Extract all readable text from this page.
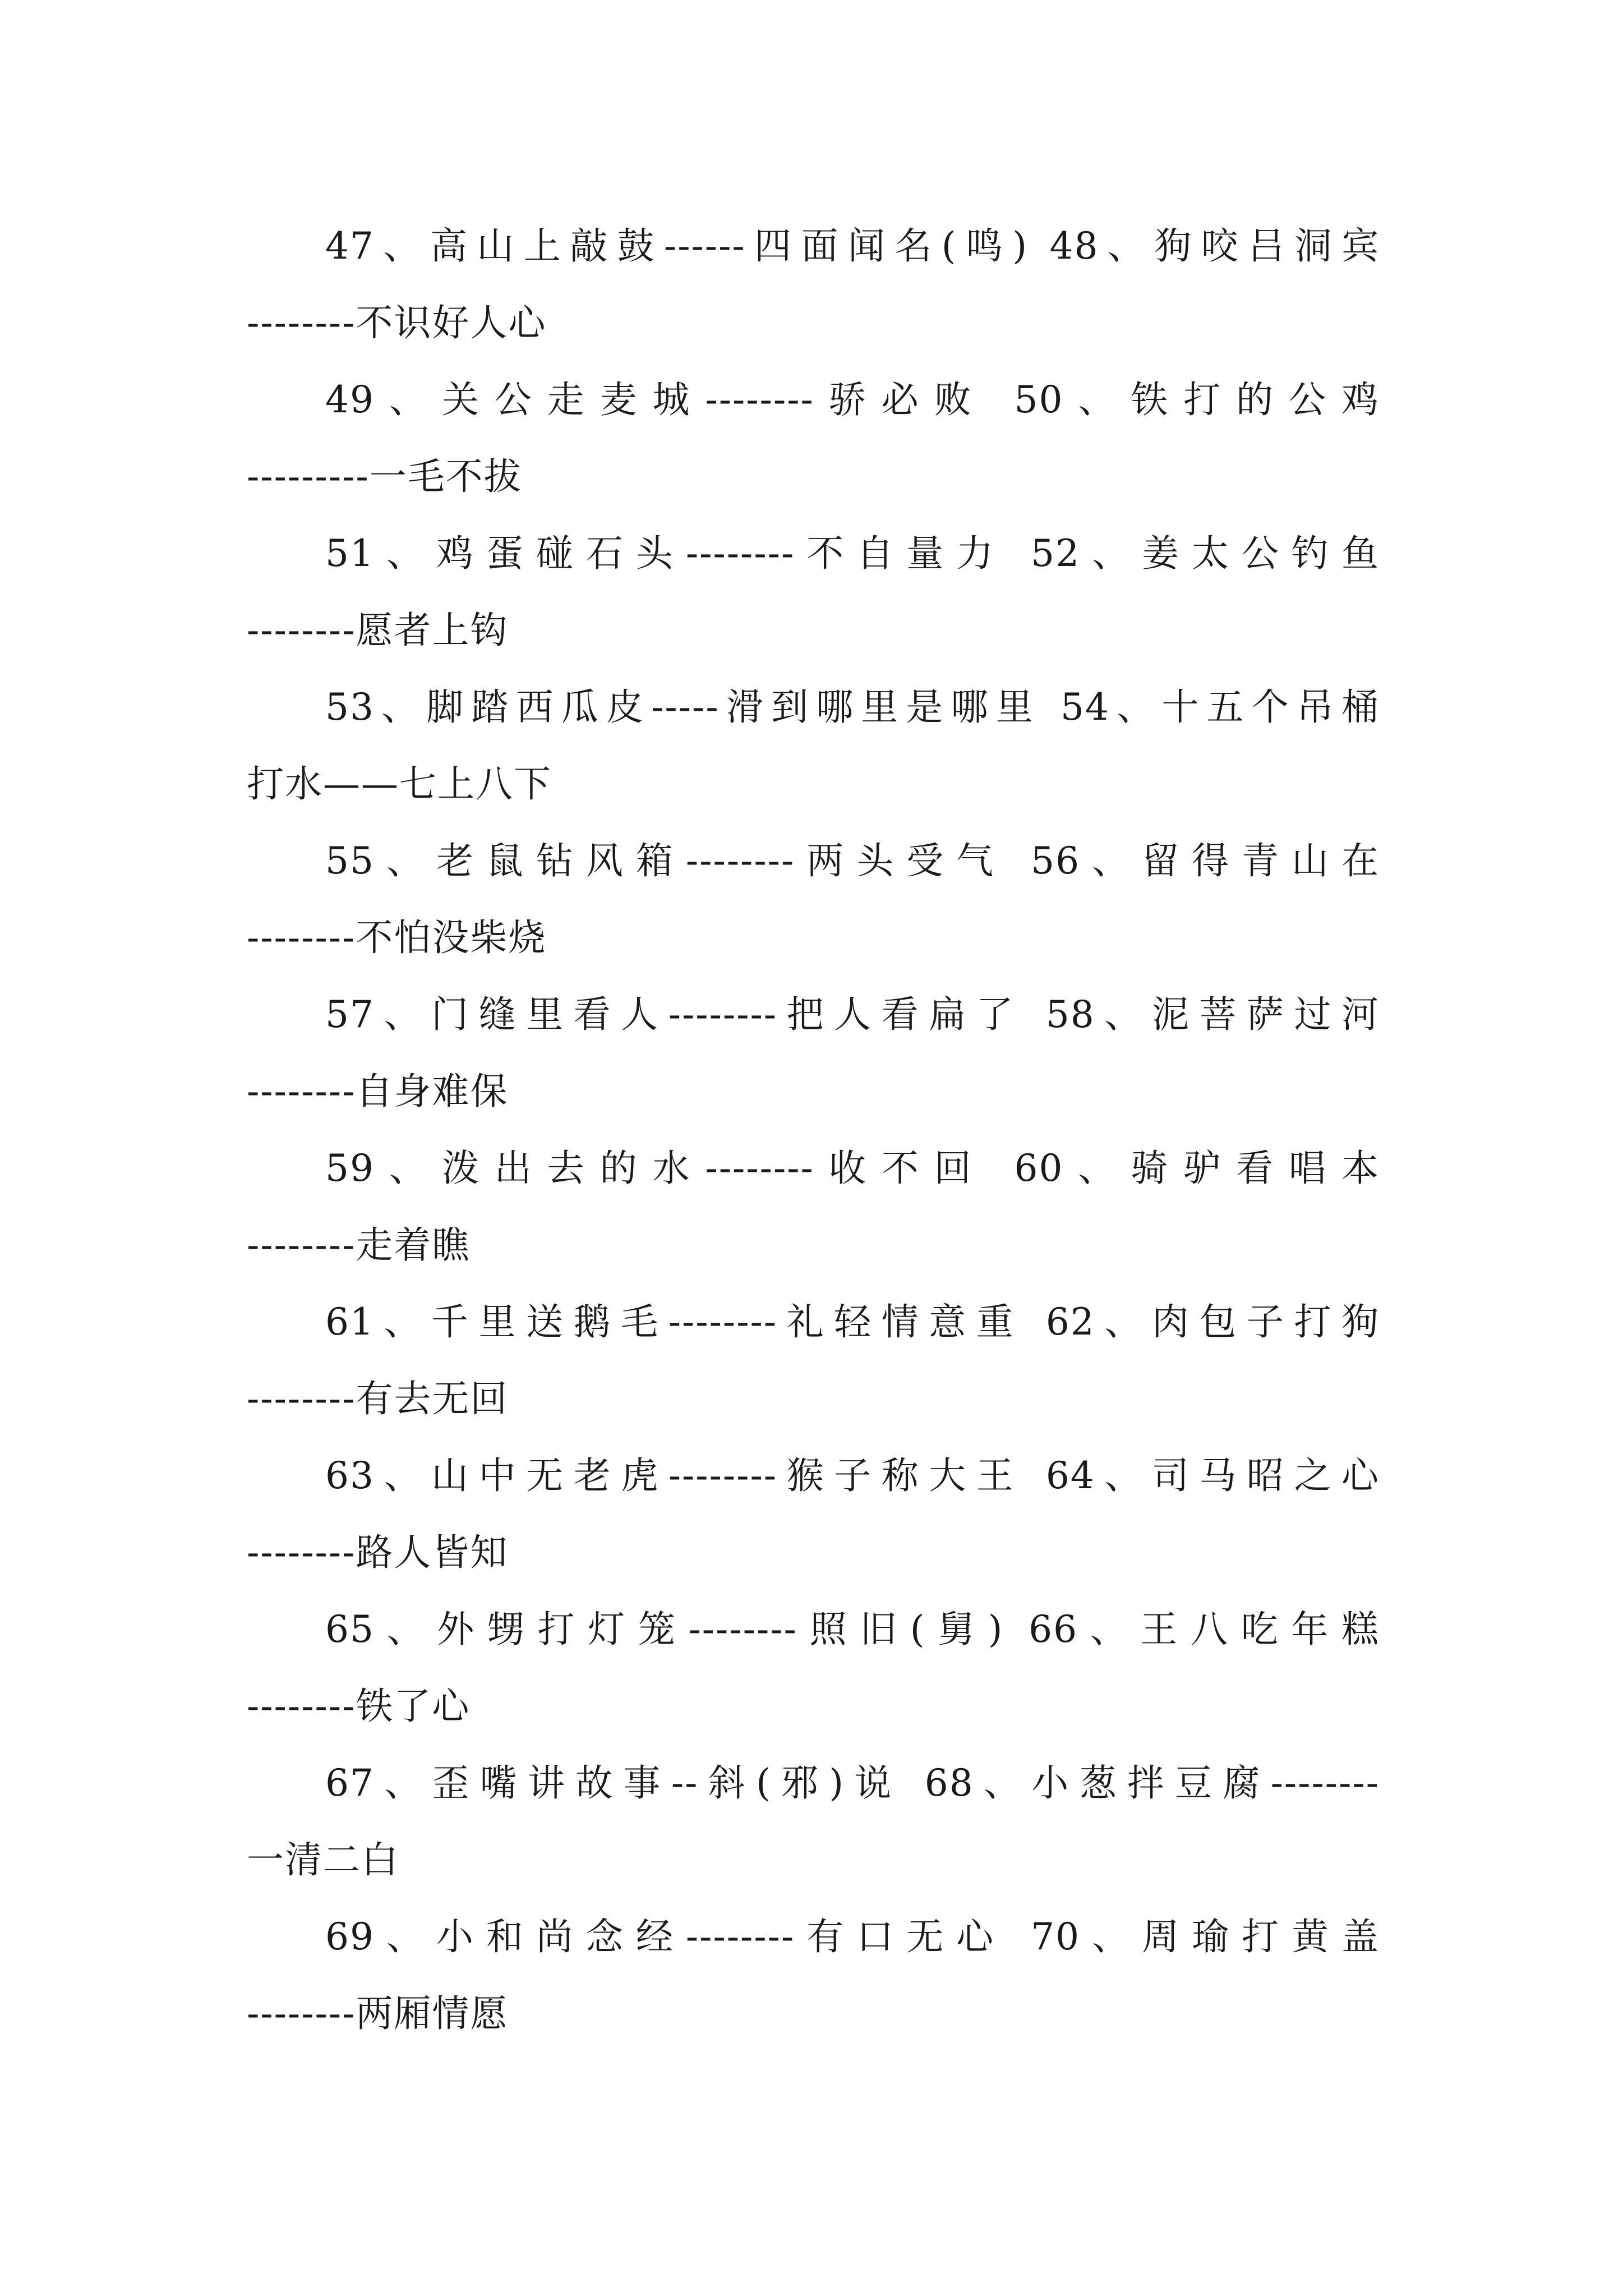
47、高山上敲鼓------四面闻名(鸣) 48、狗咬吕洞宾
--------不识好人心

49、关公走麦城--------骄必败 50、铁打的公鸡
---------一毛不拔

51、鸡蛋碰石头--------不自量力 52、姜太公钓鱼
--------愿者上钩

53、脚踏西瓜皮-----滑到哪里是哪里 54、十五个吊桶
打水——七上八下

55、老鼠钻风箱--------两头受气 56、留得青山在
--------不怕没柴烧

57、门缝里看人--------把人看扁了 58、泥菩萨过河
--------自身难保

59、泼出去的水--------收不回 60、骑驴看唱本
--------走着瞧

61、千里送鹅毛--------礼轻情意重 62、肉包子打狗
--------有去无回

63、山中无老虎--------猴子称大王 64、司马昭之心
--------路人皆知

65、外甥打灯笼--------照旧(舅) 66、王八吃年糕
--------铁了心

67、歪嘴讲故事--斜(邪)说 68、小葱拌豆腐--------
一清二白

69、小和尚念经--------有口无心 70、周瑜打黄盖
--------两厢情愿
